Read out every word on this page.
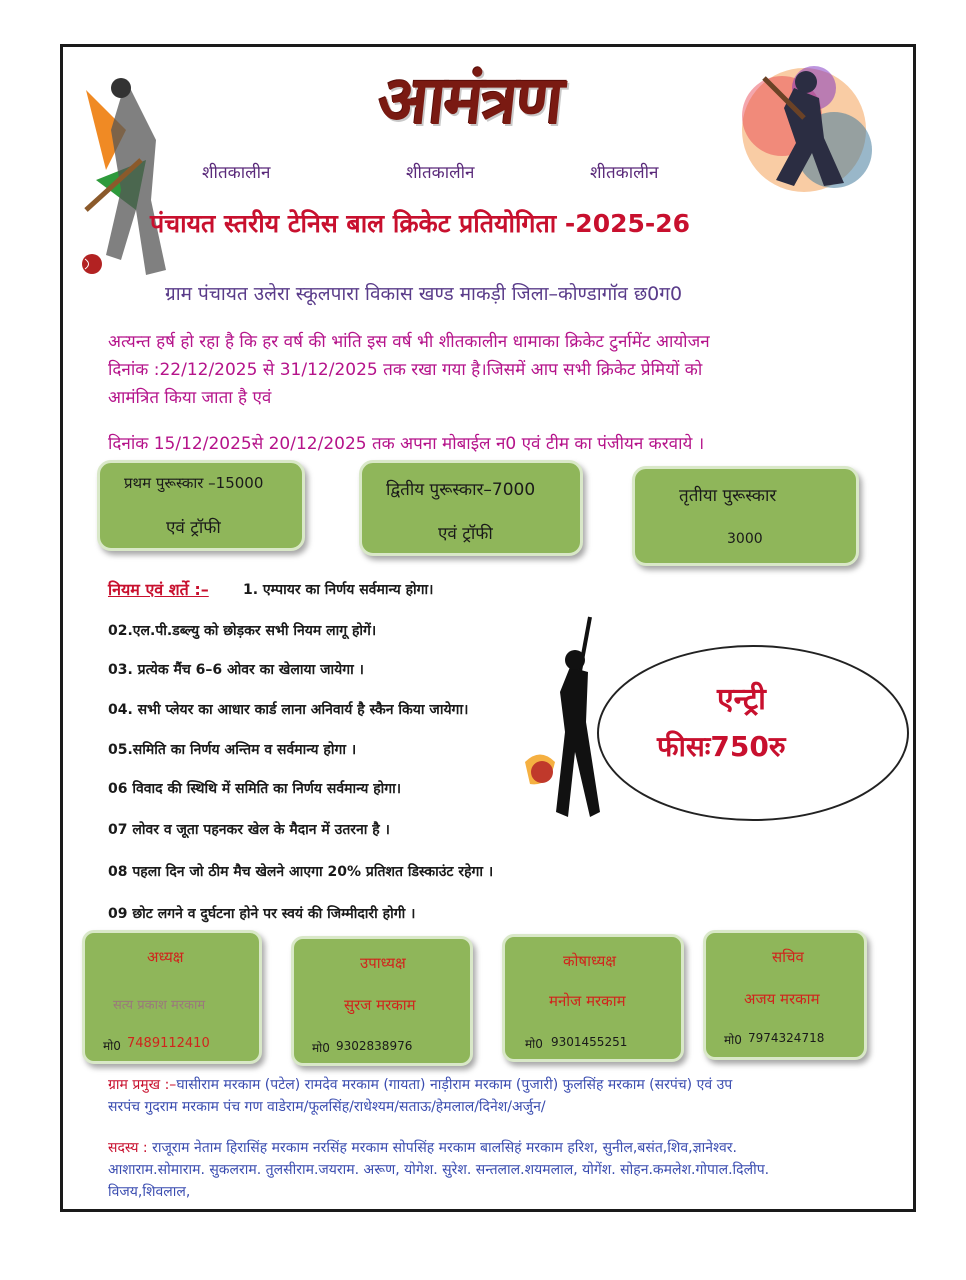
आमंत्रण
शीतकालीन	शीतकालीन	शीतकालीन
पंचायत स्तरीय टेनिस बाल क्रिकेट प्रतियोगिता -2025-26
ग्राम पंचायत उलेरा स्कूलपारा विकास खण्ड माकड़ी जिला–कोण्डागॉव छ0ग0
अत्यन्त हर्ष हो रहा है कि हर वर्ष की भांति इस वर्ष भी शीतकालीन धामाका क्रिकेट टुर्नामेंट आयोजन
दिनांक :22/12/2025 से 31/12/2025 तक रखा गया है।जिसमें आप सभी क्रिकेट प्रेमियों को
आमंत्रित किया जाता है एवं
दिनांक 15/12/2025से 20/12/2025 तक अपना मोबाईल न0 एवं टीम का पंजीयन करवाये ।
प्रथम पुरूस्कार –15000
एवं ट्रॉफी
द्वितीय पुरूस्कार–7000
एवं ट्रॉफी
तृतीया पुरूस्कार
3000
नियम एवं शर्ते :– 1. एम्पायर का निर्णय सर्वमान्य होगा।
02.एल.पी.डब्ल्यु को छोड़कर सभी नियम लागू होगें।
03. प्रत्येक मैंच 6–6 ओवर का खेलाया जायेगा ।
04. सभी प्लेयर का आधार कार्ड लाना अनिवार्य है स्कैन किया जायेगा।
05.समिति का निर्णय अन्तिम व सर्वमान्य होगा ।
06 विवाद की स्थिथि में समिति का निर्णय सर्वमान्य होगा।
07 लोवर व जूता पहनकर खेल के मैदान में उतरना है ।
08 पहला दिन जो ठीम मैच खेलने आएगा 20% प्रतिशत डिस्काउंट रहेगा ।
09 छोट लगने व दुर्घटना होने पर स्वयं की जिम्मीदारी होगी ।
एन्ट्री
फीसः750रु
अध्यक्ष
सत्य प्रकाश मरकाम
मो0 7489112410
उपाध्यक्ष
सुरज मरकाम
मो0 9302838976
कोषाध्यक्ष
मनोज मरकाम
मो0 9301455251
सचिव
अजय मरकाम
मो0 7974324718
ग्राम प्रमुख :–घासीराम मरकाम (पटेल) रामदेव मरकाम (गायता) नाड़ीराम मरकाम (पुजारी) फुलसिंह मरकाम (सरपंच) एवं उप
सरपंच गुदराम मरकाम पंच गण वाडेराम/फूलसिंह/राधेश्यम/सताऊ/हेमलाल/दिनेश/अर्जुन/
सदस्य : राजूराम नेताम हिरासिंह मरकाम नरसिंह मरकाम सोपसिंह मरकाम बालसिहं मरकाम हरिश, सुनील,बसंत,शिव,ज्ञानेश्वर.
आशाराम.सोमाराम. सुकलराम. तुलसीराम.जयराम. अरूण, योगेश. सुरेश. सन्तलाल.शयमलाल, योगेंश. सोहन.कमलेश.गोपाल.दिलीप.
विजय,शिवलाल,
